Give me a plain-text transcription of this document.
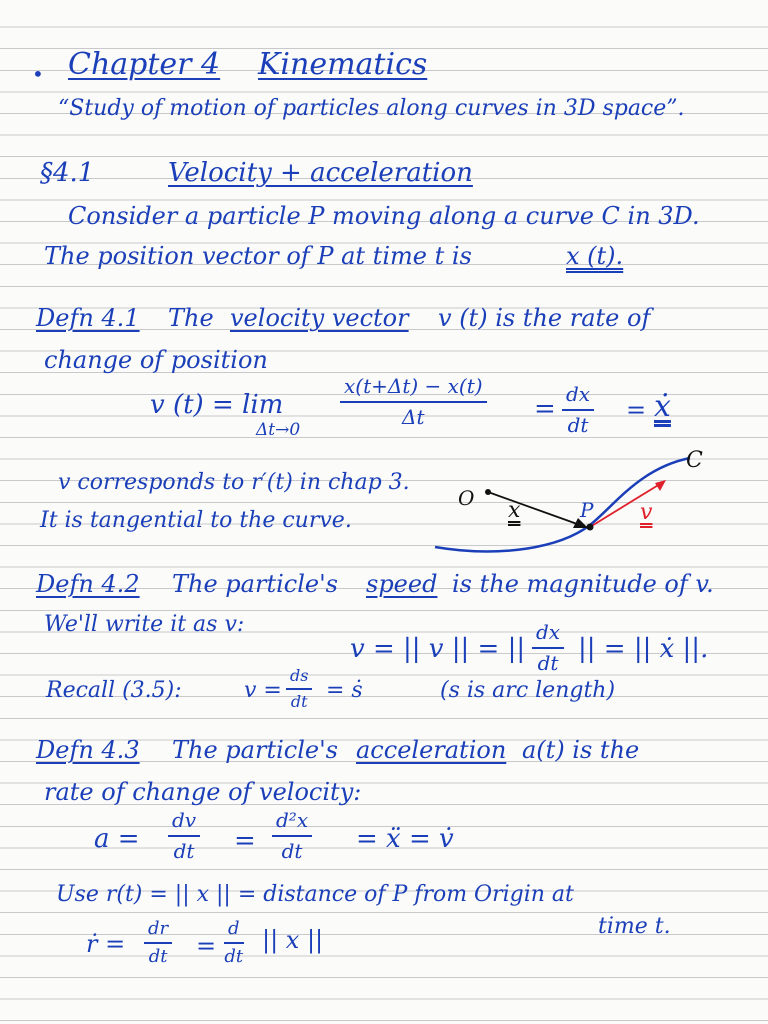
• Chapter 4 Kinematics
“Study of motion of particles along curves in 3D space”.
§4.1	Velocity + acceleration
Consider a particle P moving along a curve C in 3D.
The position vector of P at time t is	x (t).
Defn 4.1 The velocity vector v (t) is the rate of
change of position
v (t) = lim
Δt→0
$\frac{x(t+\Delta t) - x(t)}{\Delta t} = \frac{dx}{dt}$ = ẋ
v corresponds to r′(t) in chap 3.
It is tangential to the curve.
O	P
C
x	v
Defn 4.2 The particle's speed is the magnitude of v.
We'll write it as v:
v = || v || = || $\frac{dx}{dt}$ || = || ẋ ||.
Recall (3.5):	$v = \frac{ds}{dt}$ = ṡ	(s is arc length)
Defn 4.3 The particle's acceleration a(t) is the
rate of change of velocity:
$a = \frac{dv}{dt} = \frac{\text{d²x}}{dt}$ = ẍ = v̇
Use r(t) = || x || = distance of P from Origin at
time t.
ṙ = $\frac{dr}{dt} = \frac{d}{dt}$ || x ||
